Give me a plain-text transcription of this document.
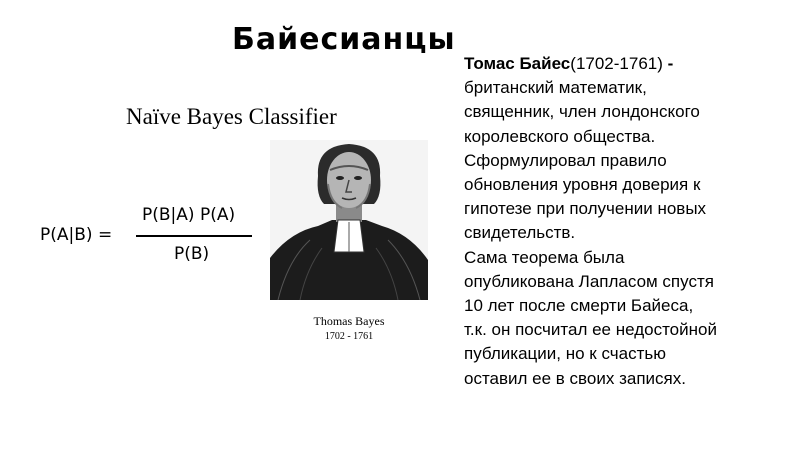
Байесианцы
Naïve Bayes Classifier
P(A|B) =
P(B|A) P(A)
P(B)
Thomas Bayes
1702 - 1761
Томас Байес(1702-1761) -
британский математик,
священник, член лондонского
королевского общества.
Сформулировал правило
обновления уровня доверия к
гипотезе при получении новых
свидетельств.
Сама теорема была
опубликована Лапласом спустя
10 лет после смерти Байеса,
т.к. он посчитал ее недостойной
публикации, но к счастью
оставил ее в своих записях.
